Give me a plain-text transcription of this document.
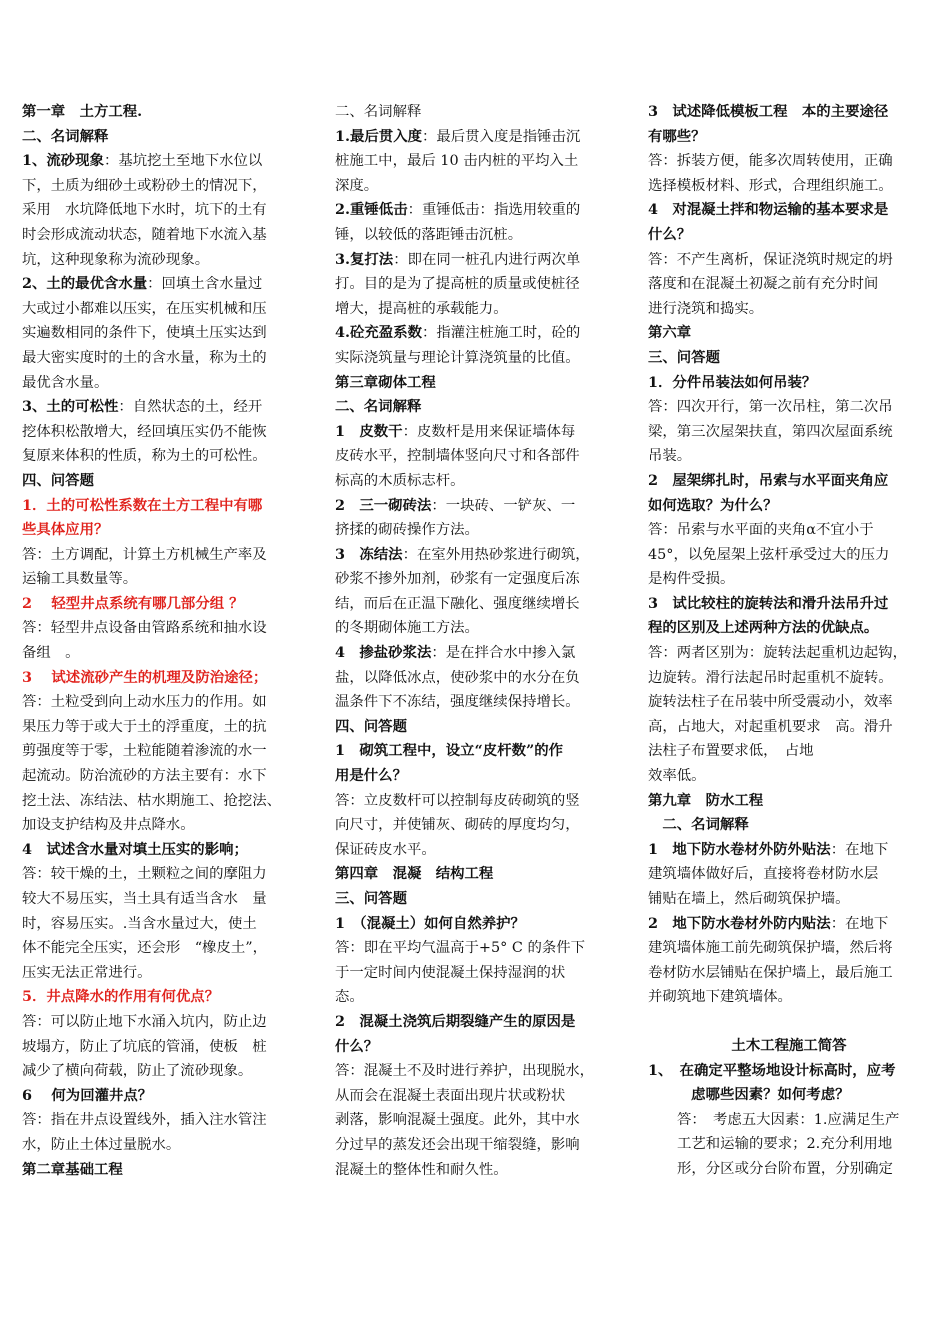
第一章　土方工程.

二、名词解释

1、流砂现象：基坑挖土至地下水位以
下，土质为细砂土或粉砂土的情况下，
采用　水坑降低地下水时，坑下的土有
时会形成流动状态，随着地下水流入基
坑，这种现象称为流砂现象。

2、土的最优含水量：回填土含水量过
大或过小都难以压实，在压实机械和压
实遍数相同的条件下，使填土压实达到
最大密实度时的土的含水量，称为土的
最优含水量。

3、土的可松性：自然状态的土，经开
挖体积松散增大，经回填压实仍不能恢
复原来体积的性质，称为土的可松性。

四、问答题

1．土的可松性系数在土方工程中有哪
些具体应用？

答：土方调配，计算土方机械生产率及
运输工具数量等。

2　 轻型井点系统有哪几部分组 ？

答：轻型井点设备由管路系统和抽水设
备组　。

3　 试述流砂产生的机理及防治途径；

答：土粒受到向上动水压力的作用。如
果压力等于或大于土的浮重度，土的抗
剪强度等于零，土粒能随着渗流的水一
起流动。防治流砂的方法主要有：水下
挖土法、冻结法、枯水期施工、抢挖法、
加设支护结构及井点降水。

4　试述含水量对填土压实的影响；

答：较干燥的土，土颗粒之间的摩阻力
较大不易压实，当土具有适当含水　量
时，容易压实。.当含水量过大，使土
体不能完全压实，还会形　“橡皮土”，
压实无法正常进行。

5．井点降水的作用有何优点？

答：可以防止地下水涌入坑内，防止边
坡塌方，防止了坑底的管涌，使板　桩
减少了横向荷载，防止了流砂现象。

6　 何为回灌井点？

答：指在井点设置线外，插入注水管注
水，防止土体过量脱水。

第二章基础工程

二、名词解释

1.最后贯入度：最后贯入度是指锤击沉
桩施工中，最后 10 击内桩的平均入土
深度。

2.重锤低击：重锤低击：指选用较重的
锤，以较低的落距锤击沉桩。

3.复打法：即在同一桩孔内进行两次单
打。目的是为了提高桩的质量或使桩径
增大，提高桩的承载能力。

4.砼充盈系数：指灌注桩施工时，砼的
实际浇筑量与理论计算浇筑量的比值。

第三章砌体工程

二、名词解释

1　皮数干：皮数杆是用来保证墙体每
皮砖水平，控制墙体竖向尺寸和各部件
标高的木质标志杆。

2　三一砌砖法：一块砖、一铲灰、一
挤揉的砌砖操作方法。

3　冻结法：在室外用热砂浆进行砌筑，
砂浆不掺外加剂，砂浆有一定强度后冻
结，而后在正温下融化、强度继续增长
的冬期砌体施工方法。

4　掺盐砂浆法：是在拌合水中掺入氯
盐，以降低冰点，使砂浆中的水分在负
温条件下不冻结，强度继续保持增长。

四、问答题

1　砌筑工程中，设立“皮杆数”的作
用是什么？

答：立皮数杆可以控制每皮砖砌筑的竖
向尺寸，并使铺灰、砌砖的厚度均匀，
保证砖皮水平。

第四章　混凝　结构工程

三、问答题

1　（混凝土）如何自然养护？

答：即在平均气温高于+5° C 的条件下
于一定时间内使混凝土保持湿润的状
态。

2　混凝土浇筑后期裂缝产生的原因是
什么？

答：混凝土不及时进行养护，出现脱水，
从而会在混凝土表面出现片状或粉状
剥落，影响混凝土强度。此外，其中水
分过早的蒸发还会出现干缩裂缝，影响
混凝土的整体性和耐久性。

3　试述降低模板工程　本的主要途径
有哪些？

答：拆装方便，能多次周转使用，正确
选择模板材料、形式，合理组织施工。

4　对混凝土拌和物运输的基本要求是
什么？

答：不产生离析，保证浇筑时规定的坍
落度和在混凝土初凝之前有充分时间
进行浇筑和捣实。

第六章

三、问答题

1．分件吊装法如何吊装？

答：四次开行，第一次吊柱，第二次吊
梁，第三次屋架扶直，第四次屋面系统
吊装。

2　屋架绑扎时，吊索与水平面夹角应
如何选取？为什么？

答：吊索与水平面的夹角α不宜小于
45°，以免屋架上弦杆承受过大的压力
是构件受损。

3　试比较柱的旋转法和滑升法吊升过
程的区别及上述两种方法的优缺点。

答：两者区别为：旋转法起重机边起钩，
边旋转。滑行法起吊时起重机不旋转。
旋转法柱子在吊装中所受震动小，效率
高，占地大，对起重机要求　高。滑升
法柱子布置要求低，　占地
效率低。

第九章　防水工程

　二、名词解释

1　地下防水卷材外防外贴法：在地下
建筑墙体做好后，直接将卷材防水层
铺贴在墙上，然后砌筑保护墙。

2　地下防水卷材外防内贴法：在地下
建筑墙体施工前先砌筑保护墙，然后将
卷材防水层铺贴在保护墙上，最后施工
并砌筑地下建筑墙体。

土木工程施工简答

1、　在确定平整场地设计标高时，应考
　　　虑哪些因素？如何考虑？

答：　考虑五大因素：1.应满足生产
工艺和运输的要求；2.充分利用地
形，分区或分台阶布置，分别确定
